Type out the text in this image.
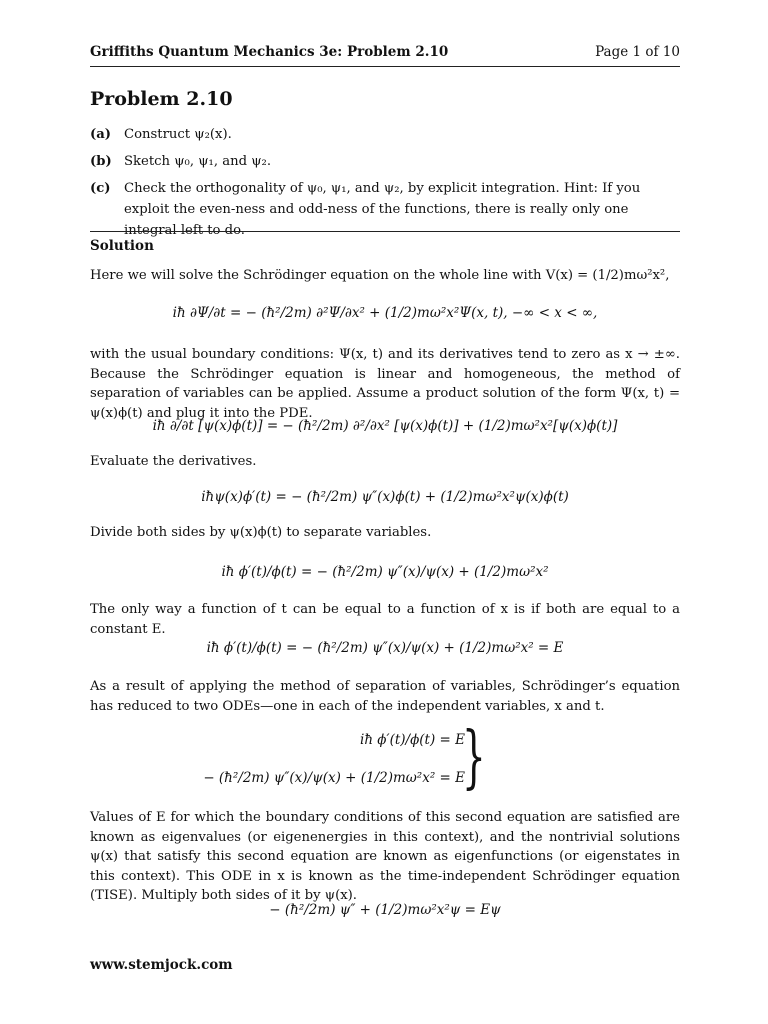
Griffiths Quantum Mechanics 3e: Problem 2.10	Page 1 of 10
Problem 2.10
(a) Construct ψ₂(x).
(b) Sketch ψ₀, ψ₁, and ψ₂.
(c)	Check the orthogonality of ψ₀, ψ₁, and ψ₂, by explicit integration. Hint: If you exploit the even-ness and odd-ness of the functions, there is really only one integral left to do.
Solution
Here we will solve the Schrödinger equation on the whole line with V(x) = (1/2)mω²x²,
iħ ∂Ψ/∂t = − (ħ²/2m) ∂²Ψ/∂x² + (1/2)mω²x²Ψ(x, t), −∞ < x < ∞,
with the usual boundary conditions: Ψ(x, t) and its derivatives tend to zero as x → ±∞. Because the Schrödinger equation is linear and homogeneous, the method of separation of variables can be applied. Assume a product solution of the form Ψ(x, t) = ψ(x)ϕ(t) and plug it into the PDE.
iħ ∂/∂t [ψ(x)ϕ(t)] = − (ħ²/2m) ∂²/∂x² [ψ(x)ϕ(t)] + (1/2)mω²x²[ψ(x)ϕ(t)]
Evaluate the derivatives.
iħψ(x)ϕ′(t) = − (ħ²/2m) ψ″(x)ϕ(t) + (1/2)mω²x²ψ(x)ϕ(t)
Divide both sides by ψ(x)ϕ(t) to separate variables.
iħ ϕ′(t)/ϕ(t) = − (ħ²/2m) ψ″(x)/ψ(x) + (1/2)mω²x²
The only way a function of t can be equal to a function of x is if both are equal to a constant E.
iħ ϕ′(t)/ϕ(t) = − (ħ²/2m) ψ″(x)/ψ(x) + (1/2)mω²x² = E
As a result of applying the method of separation of variables, Schrödinger’s equation has reduced to two ODEs—one in each of the independent variables, x and t.
iħ ϕ′(t)/ϕ(t) = E
− (ħ²/2m) ψ″(x)/ψ(x) + (1/2)mω²x² = E
}
Values of E for which the boundary conditions of this second equation are satisfied are known as eigenvalues (or eigenenergies in this context), and the nontrivial solutions ψ(x) that satisfy this second equation are known as eigenfunctions (or eigenstates in this context). This ODE in x is known as the time-independent Schrödinger equation (TISE). Multiply both sides of it by ψ(x).
− (ħ²/2m) ψ″ + (1/2)mω²x²ψ = Eψ
www.stemjock.com
